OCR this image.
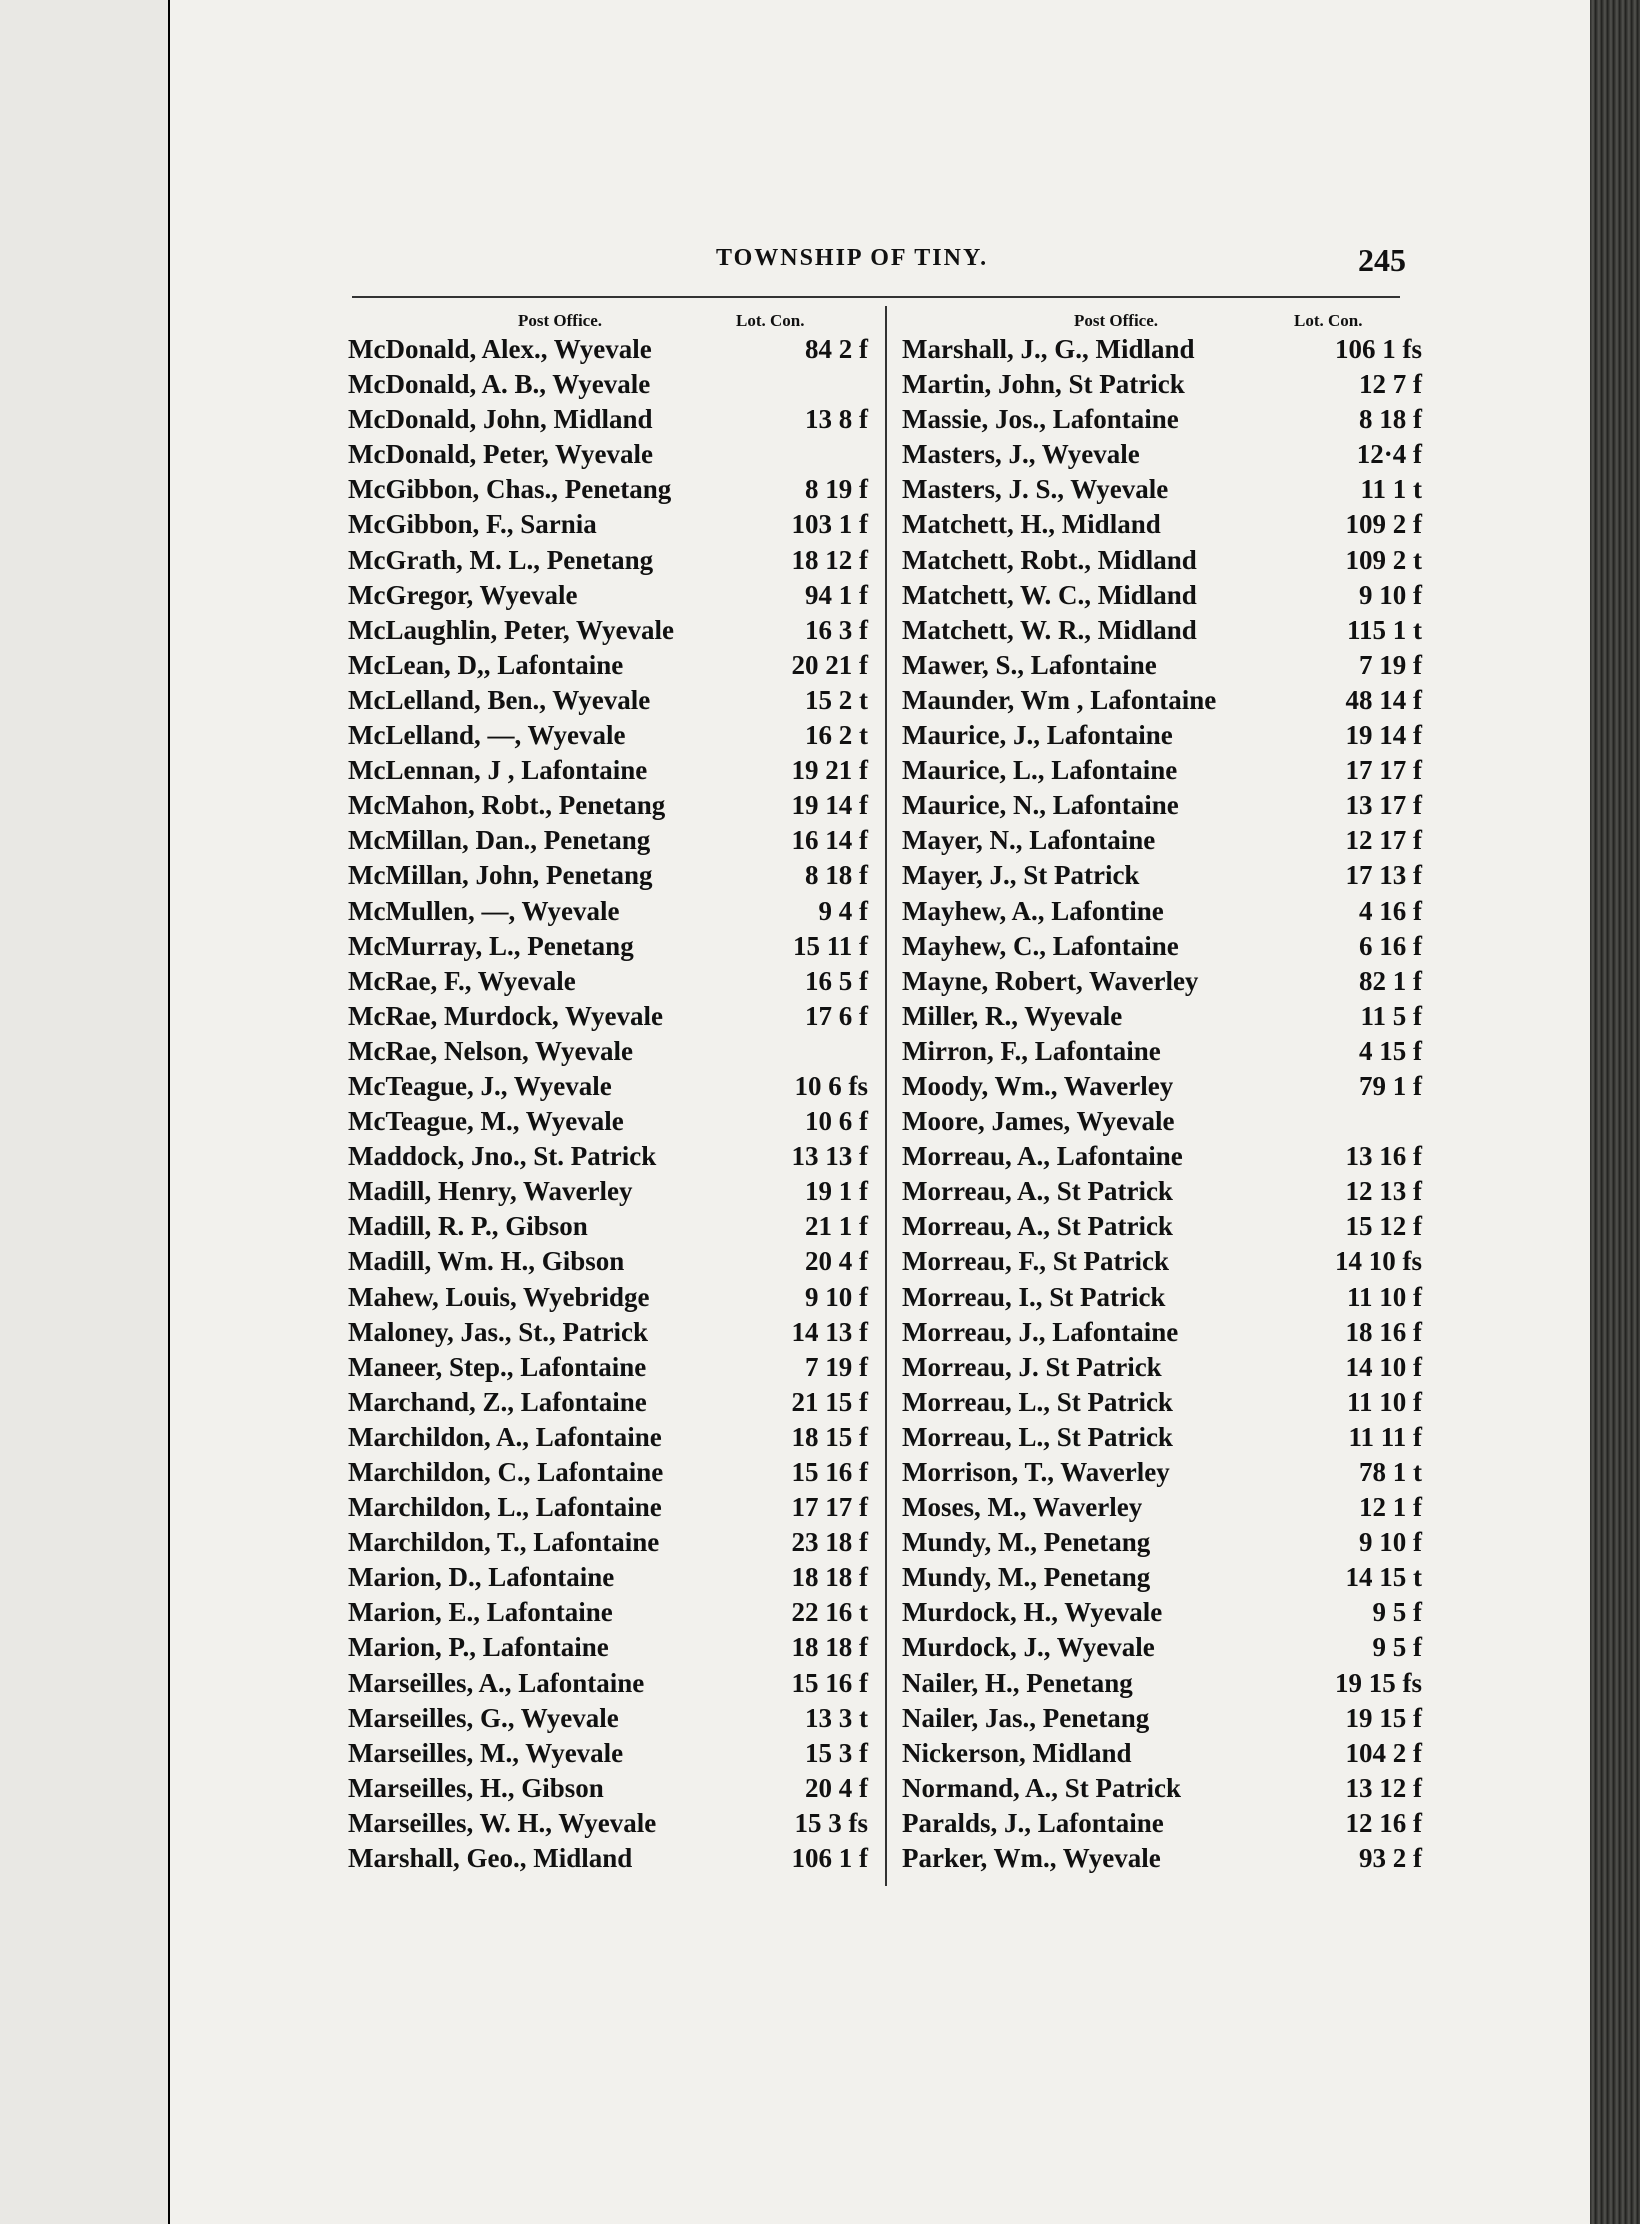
TOWNSHIP OF TINY.	245
Post Office.	Lot. Con.	Post Office.	Lot. Con.
McDonald, Alex., Wyevale	84 2 f
McDonald, A. B., Wyevale
McDonald, John, Midland	13 8 f
McDonald, Peter, Wyevale
McGibbon, Chas., Penetang	8 19 f
McGibbon, F., Sarnia	103 1 f
McGrath, M. L., Penetang	18 12 f
McGregor, Wyevale	94 1 f
McLaughlin, Peter, Wyevale	16 3 f
McLean, D,, Lafontaine	20 21 f
McLelland, Ben., Wyevale	15 2 t
McLelland, —, Wyevale	16 2 t
McLennan, J , Lafontaine	19 21 f
McMahon, Robt., Penetang	19 14 f
McMillan, Dan., Penetang	16 14 f
McMillan, John, Penetang	8 18 f
McMullen, —, Wyevale	9 4 f
McMurray, L., Penetang	15 11 f
McRae, F., Wyevale	16 5 f
McRae, Murdock, Wyevale	17 6 f
McRae, Nelson, Wyevale
McTeague, J., Wyevale	10 6 fs
McTeague, M., Wyevale	10 6 f
Maddock, Jno., St. Patrick	13 13 f
Madill, Henry, Waverley	19 1 f
Madill, R. P., Gibson	21 1 f
Madill, Wm. H., Gibson	20 4 f
Mahew, Louis, Wyebridge	9 10 f
Maloney, Jas., St., Patrick	14 13 f
Maneer, Step., Lafontaine	7 19 f
Marchand, Z., Lafontaine	21 15 f
Marchildon, A., Lafontaine	18 15 f
Marchildon, C., Lafontaine	15 16 f
Marchildon, L., Lafontaine	17 17 f
Marchildon, T., Lafontaine	23 18 f
Marion, D., Lafontaine	18 18 f
Marion, E., Lafontaine	22 16 t
Marion, P., Lafontaine	18 18 f
Marseilles, A., Lafontaine	15 16 f
Marseilles, G., Wyevale	13 3 t
Marseilles, M., Wyevale	15 3 f
Marseilles, H., Gibson	20 4 f
Marseilles, W. H., Wyevale	15 3 fs
Marshall, Geo., Midland	106 1 f
Marshall, J., G., Midland	106 1 fs
Martin, John, St Patrick	12 7 f
Massie, Jos., Lafontaine	8 18 f
Masters, J., Wyevale	12·4 f
Masters, J. S., Wyevale	11 1 t
Matchett, H., Midland	109 2 f
Matchett, Robt., Midland	109 2 t
Matchett, W. C., Midland	9 10 f
Matchett, W. R., Midland	115 1 t
Mawer, S., Lafontaine	7 19 f
Maunder, Wm , Lafontaine	48 14 f
Maurice, J., Lafontaine	19 14 f
Maurice, L., Lafontaine	17 17 f
Maurice, N., Lafontaine	13 17 f
Mayer, N., Lafontaine	12 17 f
Mayer, J., St Patrick	17 13 f
Mayhew, A., Lafontine	4 16 f
Mayhew, C., Lafontaine	6 16 f
Mayne, Robert, Waverley	82 1 f
Miller, R., Wyevale	11 5 f
Mirron, F., Lafontaine	4 15 f
Moody, Wm., Waverley	79 1 f
Moore, James, Wyevale
Morreau, A., Lafontaine	13 16 f
Morreau, A., St Patrick	12 13 f
Morreau, A., St Patrick	15 12 f
Morreau, F., St Patrick	14 10 fs
Morreau, I., St Patrick	11 10 f
Morreau, J., Lafontaine	18 16 f
Morreau, J. St Patrick	14 10 f
Morreau, L., St Patrick	11 10 f
Morreau, L., St Patrick	11 11 f
Morrison, T., Waverley	78 1 t
Moses, M., Waverley	12 1 f
Mundy, M., Penetang	9 10 f
Mundy, M., Penetang	14 15 t
Murdock, H., Wyevale	9 5 f
Murdock, J., Wyevale	9 5 f
Nailer, H., Penetang	19 15 fs
Nailer, Jas., Penetang	19 15 f
Nickerson, Midland	104 2 f
Normand, A., St Patrick	13 12 f
Paralds, J., Lafontaine	12 16 f
Parker, Wm., Wyevale	93 2 f
